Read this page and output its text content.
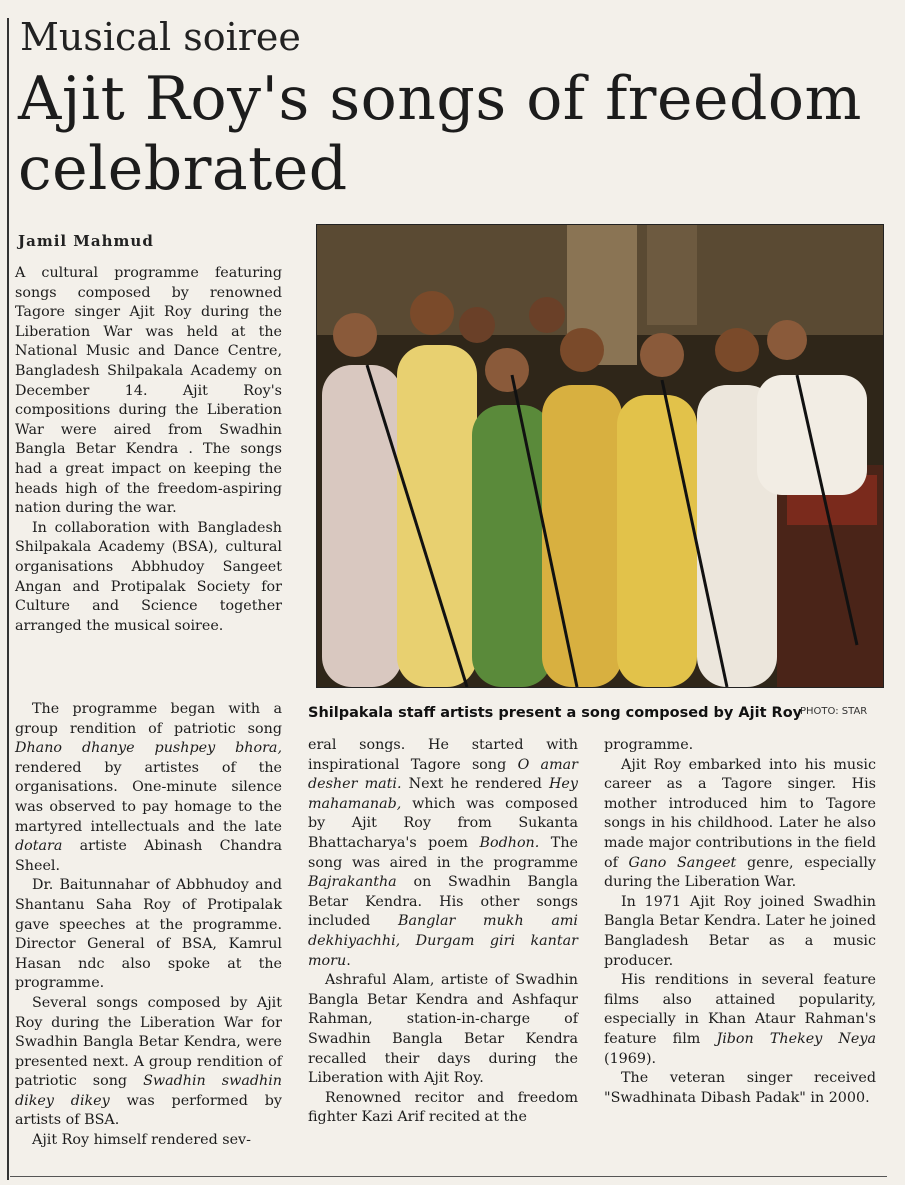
Musical soiree
Ajit Roy's songs of freedom celebrated
Jamil Mahmud

A cultural programme featuring songs composed by renowned Tagore singer Ajit Roy during the Liberation War was held at the National Music and Dance Centre, Bangladesh Shilpakala Academy on December 14. Ajit Roy's compositions during the Liberation War were aired from Swadhin Bangla Betar Kendra . The songs had a great impact on keeping the heads high of the freedom-aspiring nation during the war.

In collaboration with Bangladesh Shilpakala Academy (BSA), cultural organisations Abbhudoy Sangeet Angan and Protipalak Society for Culture and Science together arranged the musical soiree.

The programme began with a group rendition of patriotic song Dhano dhanye pushpey bhora, rendered by artistes of the organisations. One-minute silence was observed to pay homage to the martyred intellectuals and the late dotara artiste Abinash Chandra Sheel.

Dr. Baitunnahar of Abbhudoy and Shantanu Saha Roy of Protipalak gave speeches at the programme. Director General of BSA, Kamrul Hasan ndc also spoke at the programme.

Several songs composed by Ajit Roy during the Liberation War for Swadhin Bangla Betar Kendra, were presented next. A group rendition of patriotic song Swadhin swadhin dikey dikey was performed by artists of BSA.

Ajit Roy himself rendered sev-

Shilpakala staff artists present a song composed by Ajit Roy
PHOTO: STAR

eral songs. He started with inspirational Tagore song O amar desher mati. Next he rendered Hey mahamanab, which was composed by Ajit Roy from Sukanta Bhattacharya's poem Bodhon. The song was aired in the programme Bajrakantha on Swadhin Bangla Betar Kendra. His other songs included Banglar mukh ami dekhiyachhi, Durgam giri kantar moru.

Ashraful Alam, artiste of Swadhin Bangla Betar Kendra and Ashfaqur Rahman, station-in-charge of Swadhin Bangla Betar Kendra recalled their days during the Liberation with Ajit Roy.

Renowned recitor and freedom fighter Kazi Arif recited at the

programme.

Ajit Roy embarked into his music career as a Tagore singer. His mother introduced him to Tagore songs in his childhood. Later he also made major contributions in the field of Gano Sangeet genre, especially during the Liberation War.

In 1971 Ajit Roy joined Swadhin Bangla Betar Kendra. Later he joined Bangladesh Betar as a music producer.

His renditions in several feature films also attained popularity, especially in Khan Ataur Rahman's feature film Jibon Thekey Neya (1969).

The veteran singer received "Swadhinata Dibash Padak" in 2000.
